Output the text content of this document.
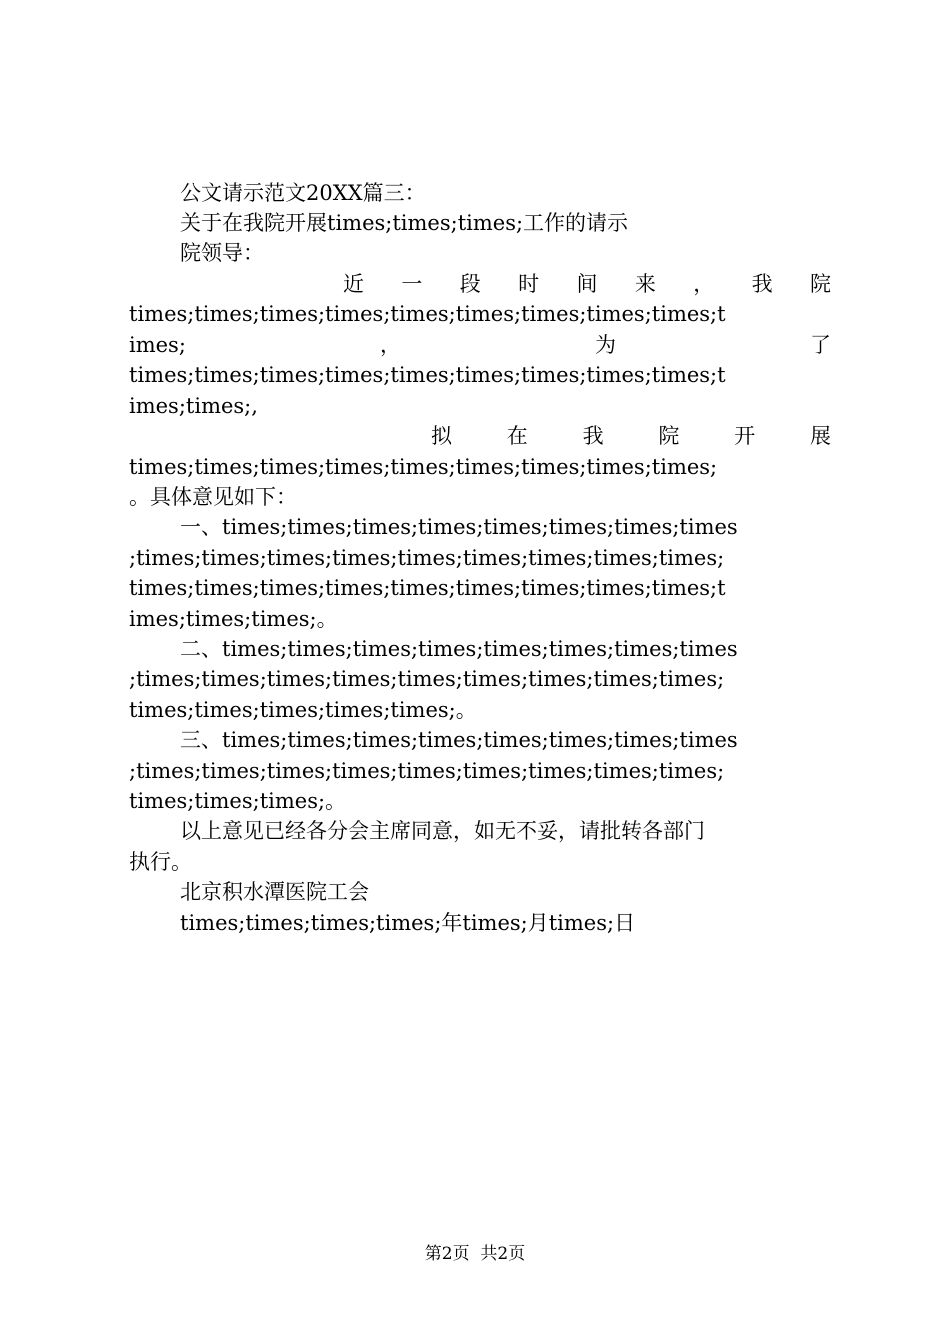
公文请示范文20XX篇三：
关于在我院开展times;times;times;工作的请示
院领导：
近 一 段 时 间 来 ， 我 院
times;times;times;times;times;times;times;times;times;t
imes;	，	为	了
times;times;times;times;times;times;times;times;times;t
imes;times;,
拟	在	我	院	开	展
times;times;times;times;times;times;times;times;times;
。具体意见如下：
一、times;times;times;times;times;times;times;times
;times;times;times;times;times;times;times;times;times;
times;times;times;times;times;times;times;times;times;t
imes;times;times;。
二、times;times;times;times;times;times;times;times
;times;times;times;times;times;times;times;times;times;
times;times;times;times;times;。
三、times;times;times;times;times;times;times;times
;times;times;times;times;times;times;times;times;times;
times;times;times;。
以上意见已经各分会主席同意，如无不妥，请批转各部门
执行。
北京积水潭医院工会
times;times;times;times;年times;月times;日
第2页  共2页
